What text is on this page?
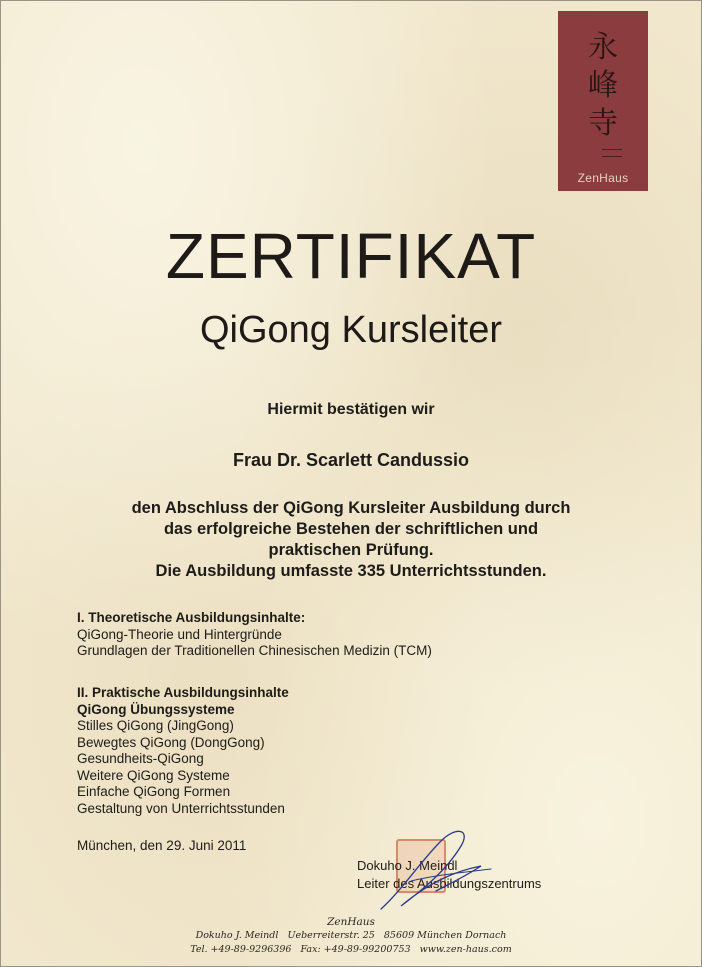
永
峰
寺
ZenHaus
ZERTIFIKAT
QiGong Kursleiter
Hiermit bestätigen wir
Frau Dr. Scarlett Candussio
den Abschluss der QiGong Kursleiter Ausbildung durch
das erfolgreiche Bestehen der schriftlichen und
praktischen Prüfung.
Die Ausbildung umfasste 335 Unterrichtsstunden.
I. Theoretische Ausbildungsinhalte:
QiGong-Theorie und Hintergründe
Grundlagen der Traditionellen Chinesischen Medizin (TCM)
II. Praktische Ausbildungsinhalte
QiGong Übungssysteme
Stilles QiGong (JingGong)
Bewegtes QiGong (DongGong)
Gesundheits-QiGong
Weitere QiGong Systeme
Einfache QiGong Formen
Gestaltung von Unterrichtsstunden
München, den 29. Juni 2011
Dokuho J. Meindl
Leiter des Ausbildungszentrums
ZenHaus
Dokuho J. Meindl   Ueberreiterstr. 25   85609 München Dornach
Tel. +49-89-9296396   Fax: +49-89-99200753   www.zen-haus.com
